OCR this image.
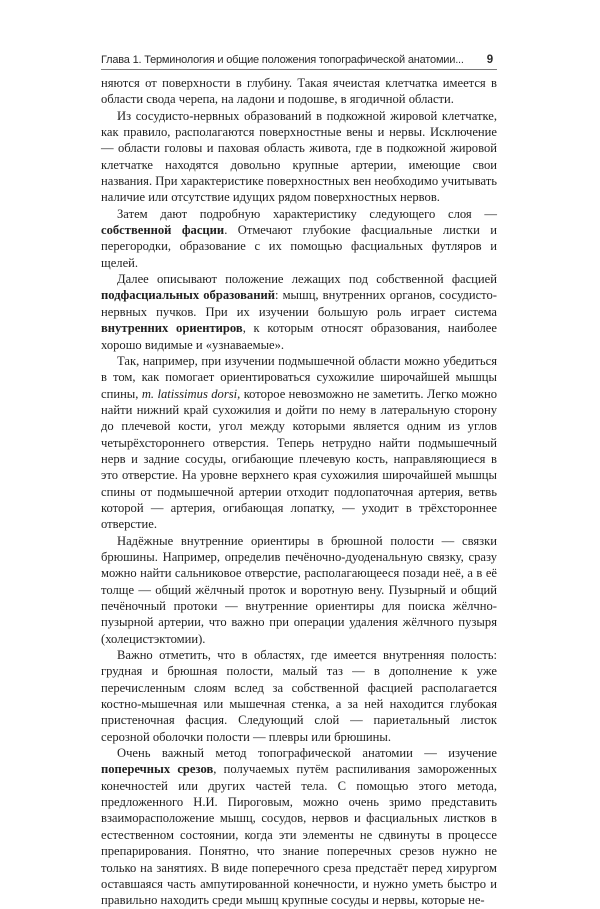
Глава 1. Терминология и общие положения топографической анатомии... 9

няются от поверхности в глубину. Такая ячеистая клетчатка имеется в области свода черепа, на ладони и подошве, в ягодичной области.

Из сосудисто-нервных образований в подкожной жировой клетчатке, как правило, располагаются поверхностные вены и нервы. Исключение — области головы и паховая область живота, где в подкожной жировой клетчатке находятся довольно крупные артерии, имеющие свои названия. При характеристике поверхностных вен необходимо учитывать наличие или отсутствие идущих рядом поверхностных нервов.

Затем дают подробную характеристику следующего слоя — собственной фасции. Отмечают глубокие фасциальные листки и перегородки, образование с их помощью фасциальных футляров и щелей.

Далее описывают положение лежащих под собственной фасцией подфасциальных образований: мышц, внутренних органов, сосудисто-нервных пучков. При их изучении большую роль играет система внутренних ориентиров, к которым относят образования, наиболее хорошо видимые и «узнаваемые».

Так, например, при изучении подмышечной области можно убедиться в том, как помогает ориентироваться сухожилие широчайшей мышцы спины, m. latissimus dorsi, которое невозможно не заметить. Легко можно найти нижний край сухожилия и дойти по нему в латеральную сторону до плечевой кости, угол между которыми является одним из углов четырёхстороннего отверстия. Теперь нетрудно найти подмышечный нерв и задние сосуды, огибающие плечевую кость, направляющиеся в это отверстие. На уровне верхнего края сухожилия широчайшей мышцы спины от подмышечной артерии отходит подлопаточная артерия, ветвь которой — артерия, огибающая лопатку, — уходит в трёхстороннее отверстие.

Надёжные внутренние ориентиры в брюшной полости — связки брюшины. Например, определив печёночно-дуоденальную связку, сразу можно найти сальниковое отверстие, располагающееся позади неё, а в её толще — общий жёлчный проток и воротную вену. Пузырный и общий печёночный протоки — внутренние ориентиры для поиска жёлчно-пузырной артерии, что важно при операции удаления жёлчного пузыря (холецистэктомии).

Важно отметить, что в областях, где имеется внутренняя полость: грудная и брюшная полости, малый таз — в дополнение к уже перечисленным слоям вслед за собственной фасцией располагается костно-мышечная или мышечная стенка, а за ней находится глубокая пристеночная фасция. Следующий слой — париетальный листок серозной оболочки полости — плевры или брюшины.

Очень важный метод топографической анатомии — изучение поперечных срезов, получаемых путём распиливания замороженных конечностей или других частей тела. С помощью этого метода, предложенного Н.И. Пироговым, можно очень зримо представить взаиморасположение мышц, сосудов, нервов и фасциальных листков в естественном состоянии, когда эти элементы не сдвинуты в процессе препарирования. Понятно, что знание поперечных срезов нужно не только на занятиях. В виде поперечного среза предстаёт перед хирургом оставшаяся часть ампутированной конечности, и нужно уметь быстро и правильно находить среди мышц крупные сосуды и нервы, которые не-
